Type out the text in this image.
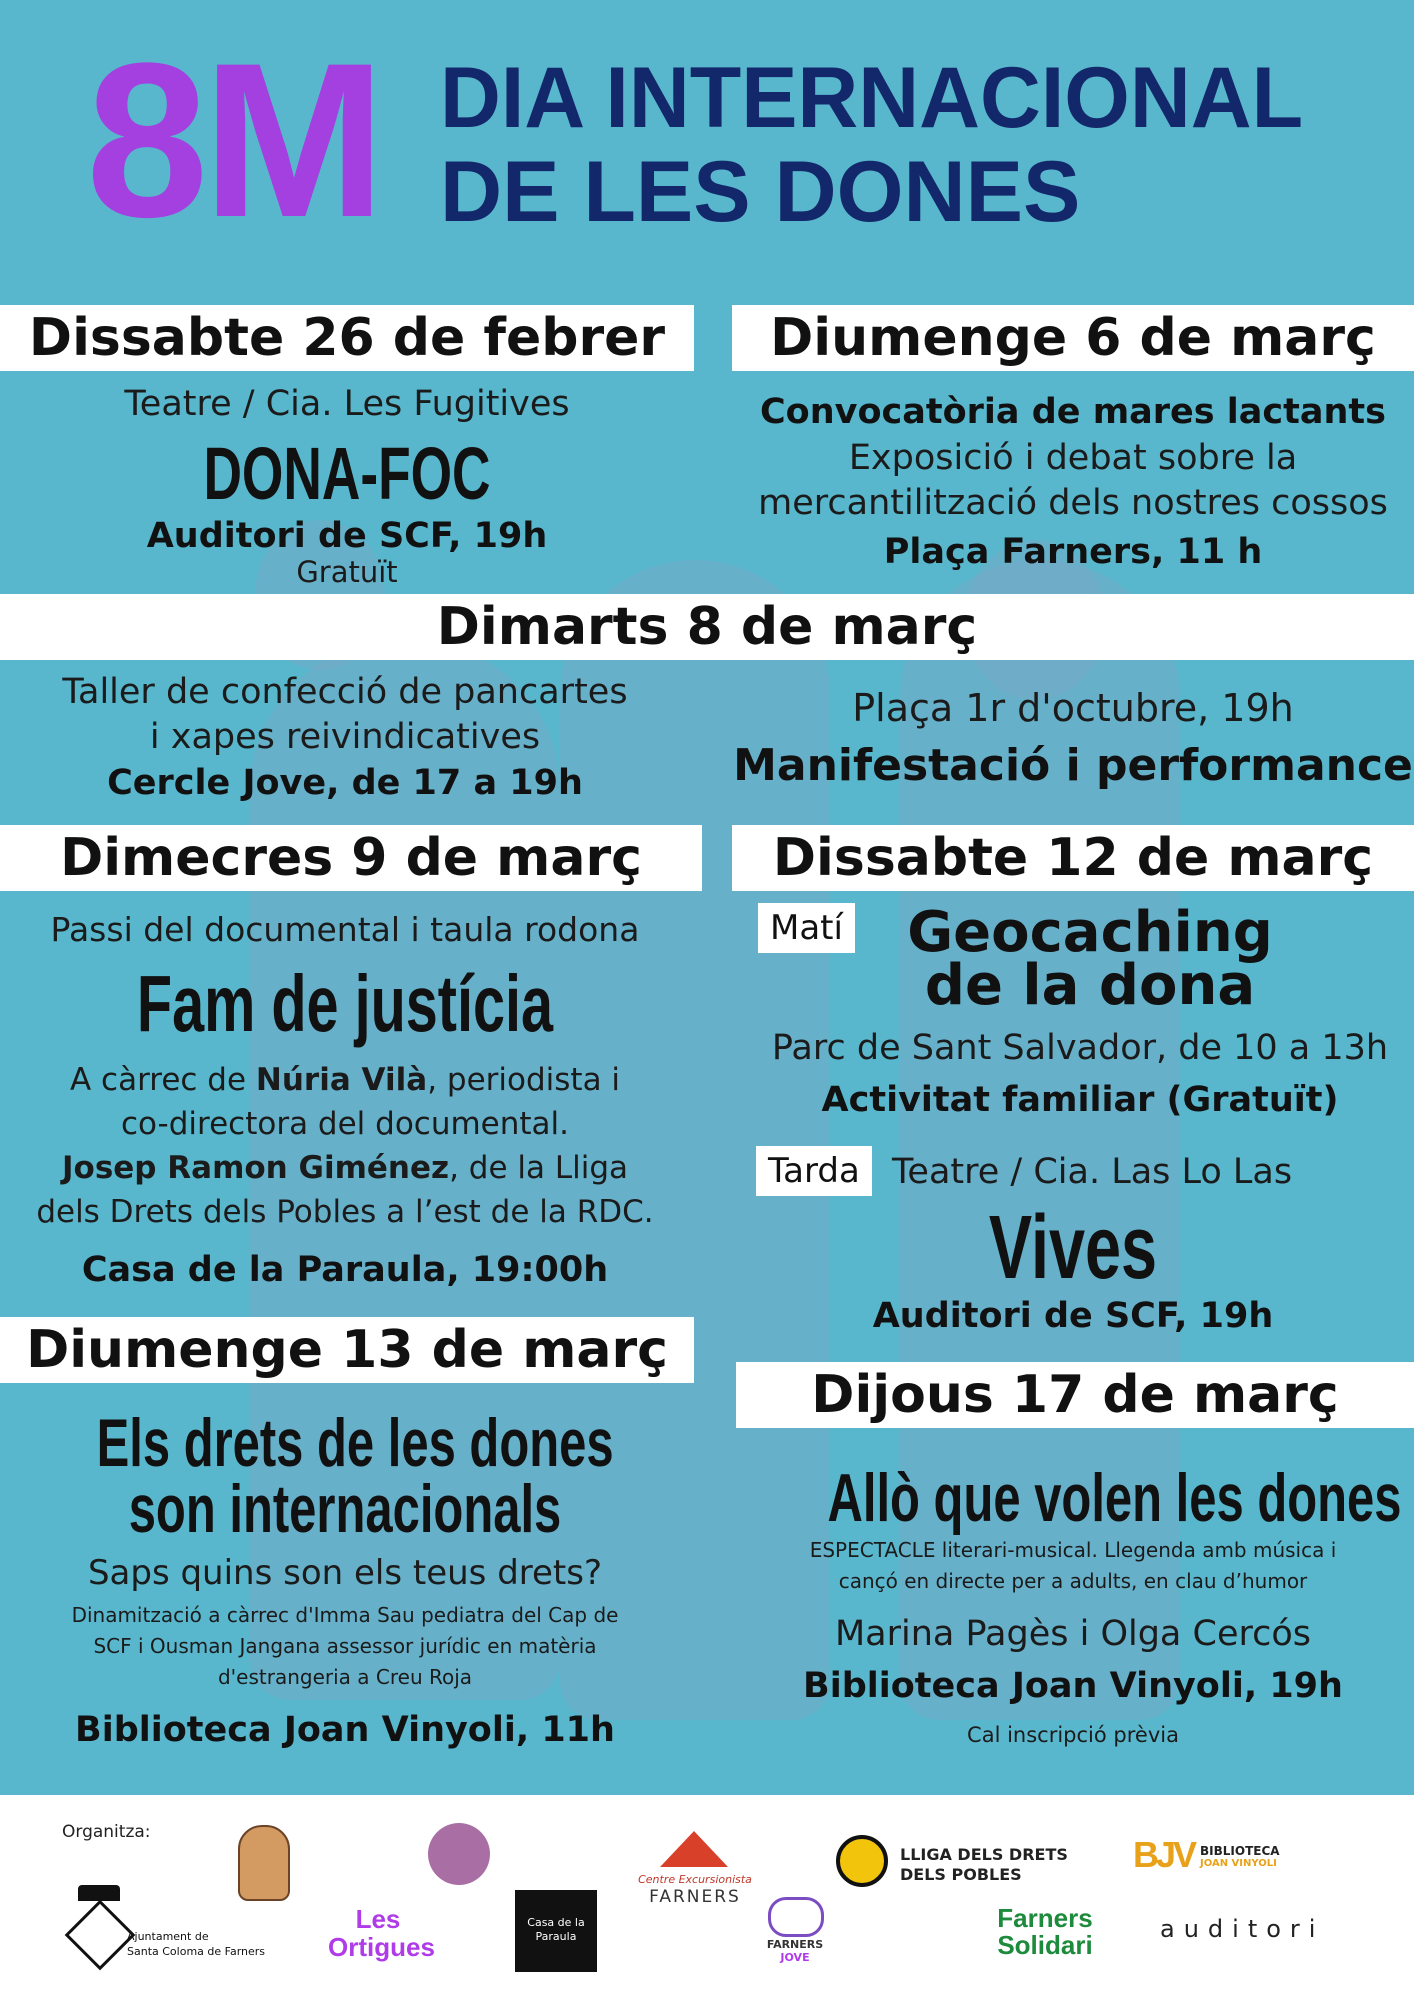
8M DIA INTERNACIONAL
DE LES DONES
Dissabte 26 de febrer
Teatre / Cia. Les Fugitives
DONA-FOC
Auditori de SCF, 19h
Gratuït
Diumenge 6 de març
Convocatòria de mares lactants
Exposició i debat sobre la
mercantilització dels nostres cossos
Plaça Farners, 11 h
Dimarts 8 de març
Taller de confecció de pancartes
i xapes reivindicatives
Cercle Jove, de 17 a 19h
Plaça 1r d'octubre, 19h
Manifestació i performance
Dimecres 9 de març
Passi del documental i taula rodona
Fam de justícia
A càrrec de Núria Vilà, periodista i
co-directora del documental.
Josep Ramon Giménez, de la Lliga
dels Drets dels Pobles a l’est de la RDC.
Casa de la Paraula, 19:00h
Dissabte 12 de març
Matí	Geocaching
de la dona
Parc de Sant Salvador, de 10 a 13h
Activitat familiar (Gratuït)
Tarda Teatre / Cia. Las Lo Las
Vives
Auditori de SCF, 19h
Diumenge 13 de març
Els drets de les dones
son internacionals
Saps quins son els teus drets?
Dinamització a càrrec d'Imma Sau pediatra del Cap de
SCF i Ousman Jangana assessor jurídic en matèria
d'estrangeria a Creu Roja
Biblioteca Joan Vinyoli, 11h
Dijous 17 de març
Allò que volen les dones
ESPECTACLE literari-musical. Llegenda amb música i
cançó en directe per a adults, en clau d’humor
Marina Pagès i Olga Cercós
Biblioteca Joan Vinyoli, 19h
Cal inscripció prèvia
Organitza:
Ajuntament de
Santa Coloma de Farners
Les
Ortigues
Casa de la
Paraula
Centre Excursionista
FARNERS
FARNERS
JOVE
LLIGA DELS DRETS
DELS POBLES
Farners
Solidari
BJV BIBLIOTECA
JOAN VINYOLI
auditori
